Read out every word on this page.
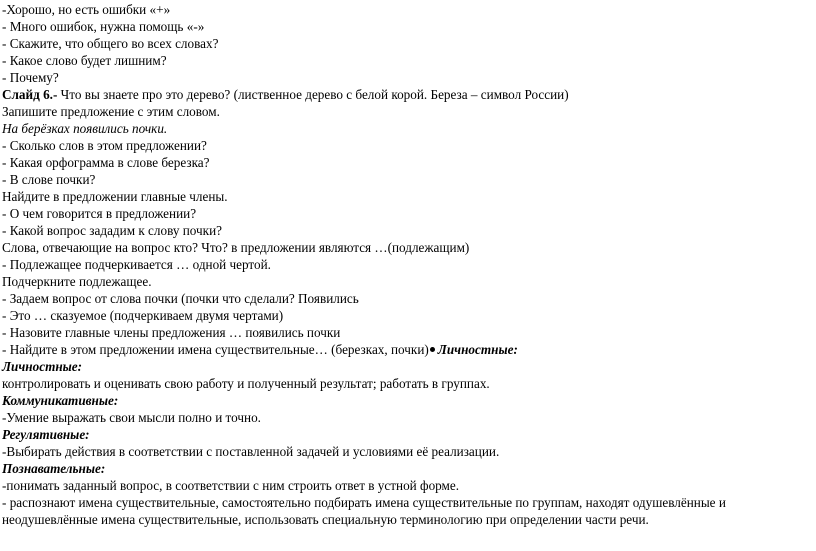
-Хорошо, но есть ошибки «+»
- Много ошибок, нужна помощь «-»
- Скажите, что общего во всех словах?
- Какое слово будет лишним?
- Почему?
Слайд 6.- Что вы знаете про это дерево? (лиственное дерево с белой корой. Береза – символ России)
Запишите предложение с этим словом.
На берёзках появились почки.
- Сколько слов в этом предложении?
- Какая орфограмма в слове березка?
- В слове почки?
Найдите в предложении главные члены.
- О чем говорится в предложении?
- Какой вопрос зададим к слову почки?
Слова, отвечающие на вопрос кто? Что? в предложении являются …(подлежащим)
- Подлежащее подчеркивается … одной чертой.
Подчеркните подлежащее.
- Задаем вопрос от слова почки (почки что сделали? Появились
- Это … сказуемое (подчеркиваем двумя чертами)
- Назовите главные члены предложения … появились почки
- Найдите в этом предложении имена существительные… (березках, почки) Личностные:
Личностные:
контролировать и оценивать свою работу и полученный результат; работать в группах.
Коммуникативные:
-Умение выражать свои мысли полно и точно.
Регулятивные:
-Выбирать действия в соответствии с поставленной задачей и условиями её реализации.
Познавательные:
-понимать заданный вопрос, в соответствии с ним строить ответ в устной форме.
- распознают имена существительные, самостоятельно подбирать имена существительные по группам, находят одушевлённые и
неодушевлённые имена существительные, использовать специальную терминологию при определении части речи.
